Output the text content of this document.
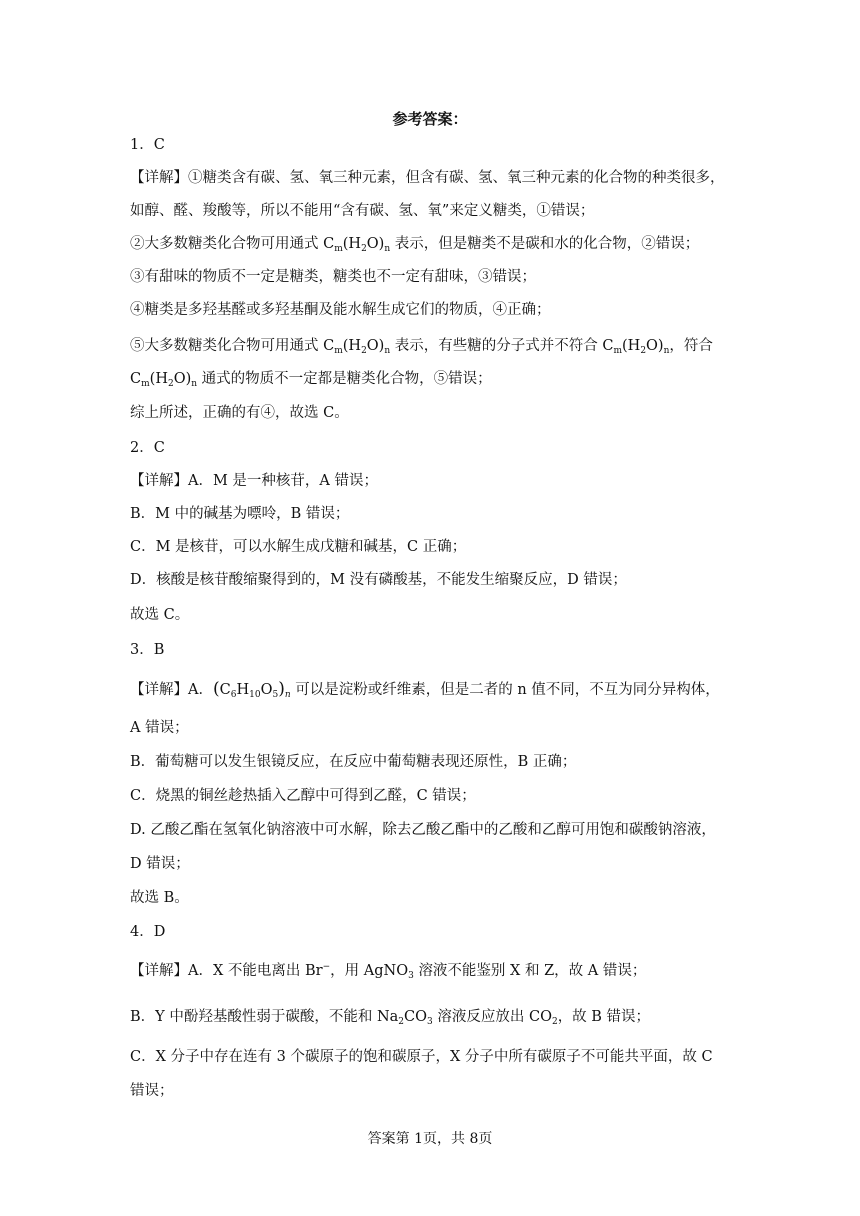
参考答案：
1．C
【详解】①糖类含有碳、氢、氧三种元素，但含有碳、氢、氧三种元素的化合物的种类很多，
如醇、醛、羧酸等，所以不能用“含有碳、氢、氧”来定义糖类，①错误；
②大多数糖类化合物可用通式 $C_m(H_2O)_n$ 表示，但是糖类不是碳和水的化合物，②错误；
③有甜味的物质不一定是糖类，糖类也不一定有甜味，③错误；
④糖类是多羟基醛或多羟基酮及能水解生成它们的物质，④正确；
⑤大多数糖类化合物可用通式 $C_m(H_2O)_n$ 表示，有些糖的分子式并不符合 $C_m(H_2O)_n$，符合
$C_m(H_2O)_n$ 通式的物质不一定都是糖类化合物，⑤错误；
综上所述，正确的有④，故选 C。
2．C
【详解】A．M 是一种核苷，A 错误；
B．M 中的碱基为嘌呤，B 错误；
C．M 是核苷，可以水解生成戊糖和碱基，C 正确；
D．核酸是核苷酸缩聚得到的，M 没有磷酸基，不能发生缩聚反应，D 错误；
故选 C。
3．B
【详解】A．$(C_6H_{10}O_5)_n$ 可以是淀粉或纤维素，但是二者的 n 值不同，不互为同分异构体，
A 错误；
B．葡萄糖可以发生银镜反应，在反应中葡萄糖表现还原性，B 正确；
C．烧黑的铜丝趁热插入乙醇中可得到乙醛，C 错误；
D. 乙酸乙酯在氢氧化钠溶液中可水解，除去乙酸乙酯中的乙酸和乙醇可用饱和碳酸钠溶液，
D 错误；
故选 B。
4．D
【详解】A．X 不能电离出 Br−，用 AgNO$_3$ 溶液不能鉴别 X 和 Z，故 A 错误；
B．Y 中酚羟基酸性弱于碳酸，不能和 $Na_2CO_3$ 溶液反应放出 $CO_2$，故 B 错误；
C．X 分子中存在连有 3 个碳原子的饱和碳原子，X 分子中所有碳原子不可能共平面，故 C
错误；
答案第 1页，共 8页
